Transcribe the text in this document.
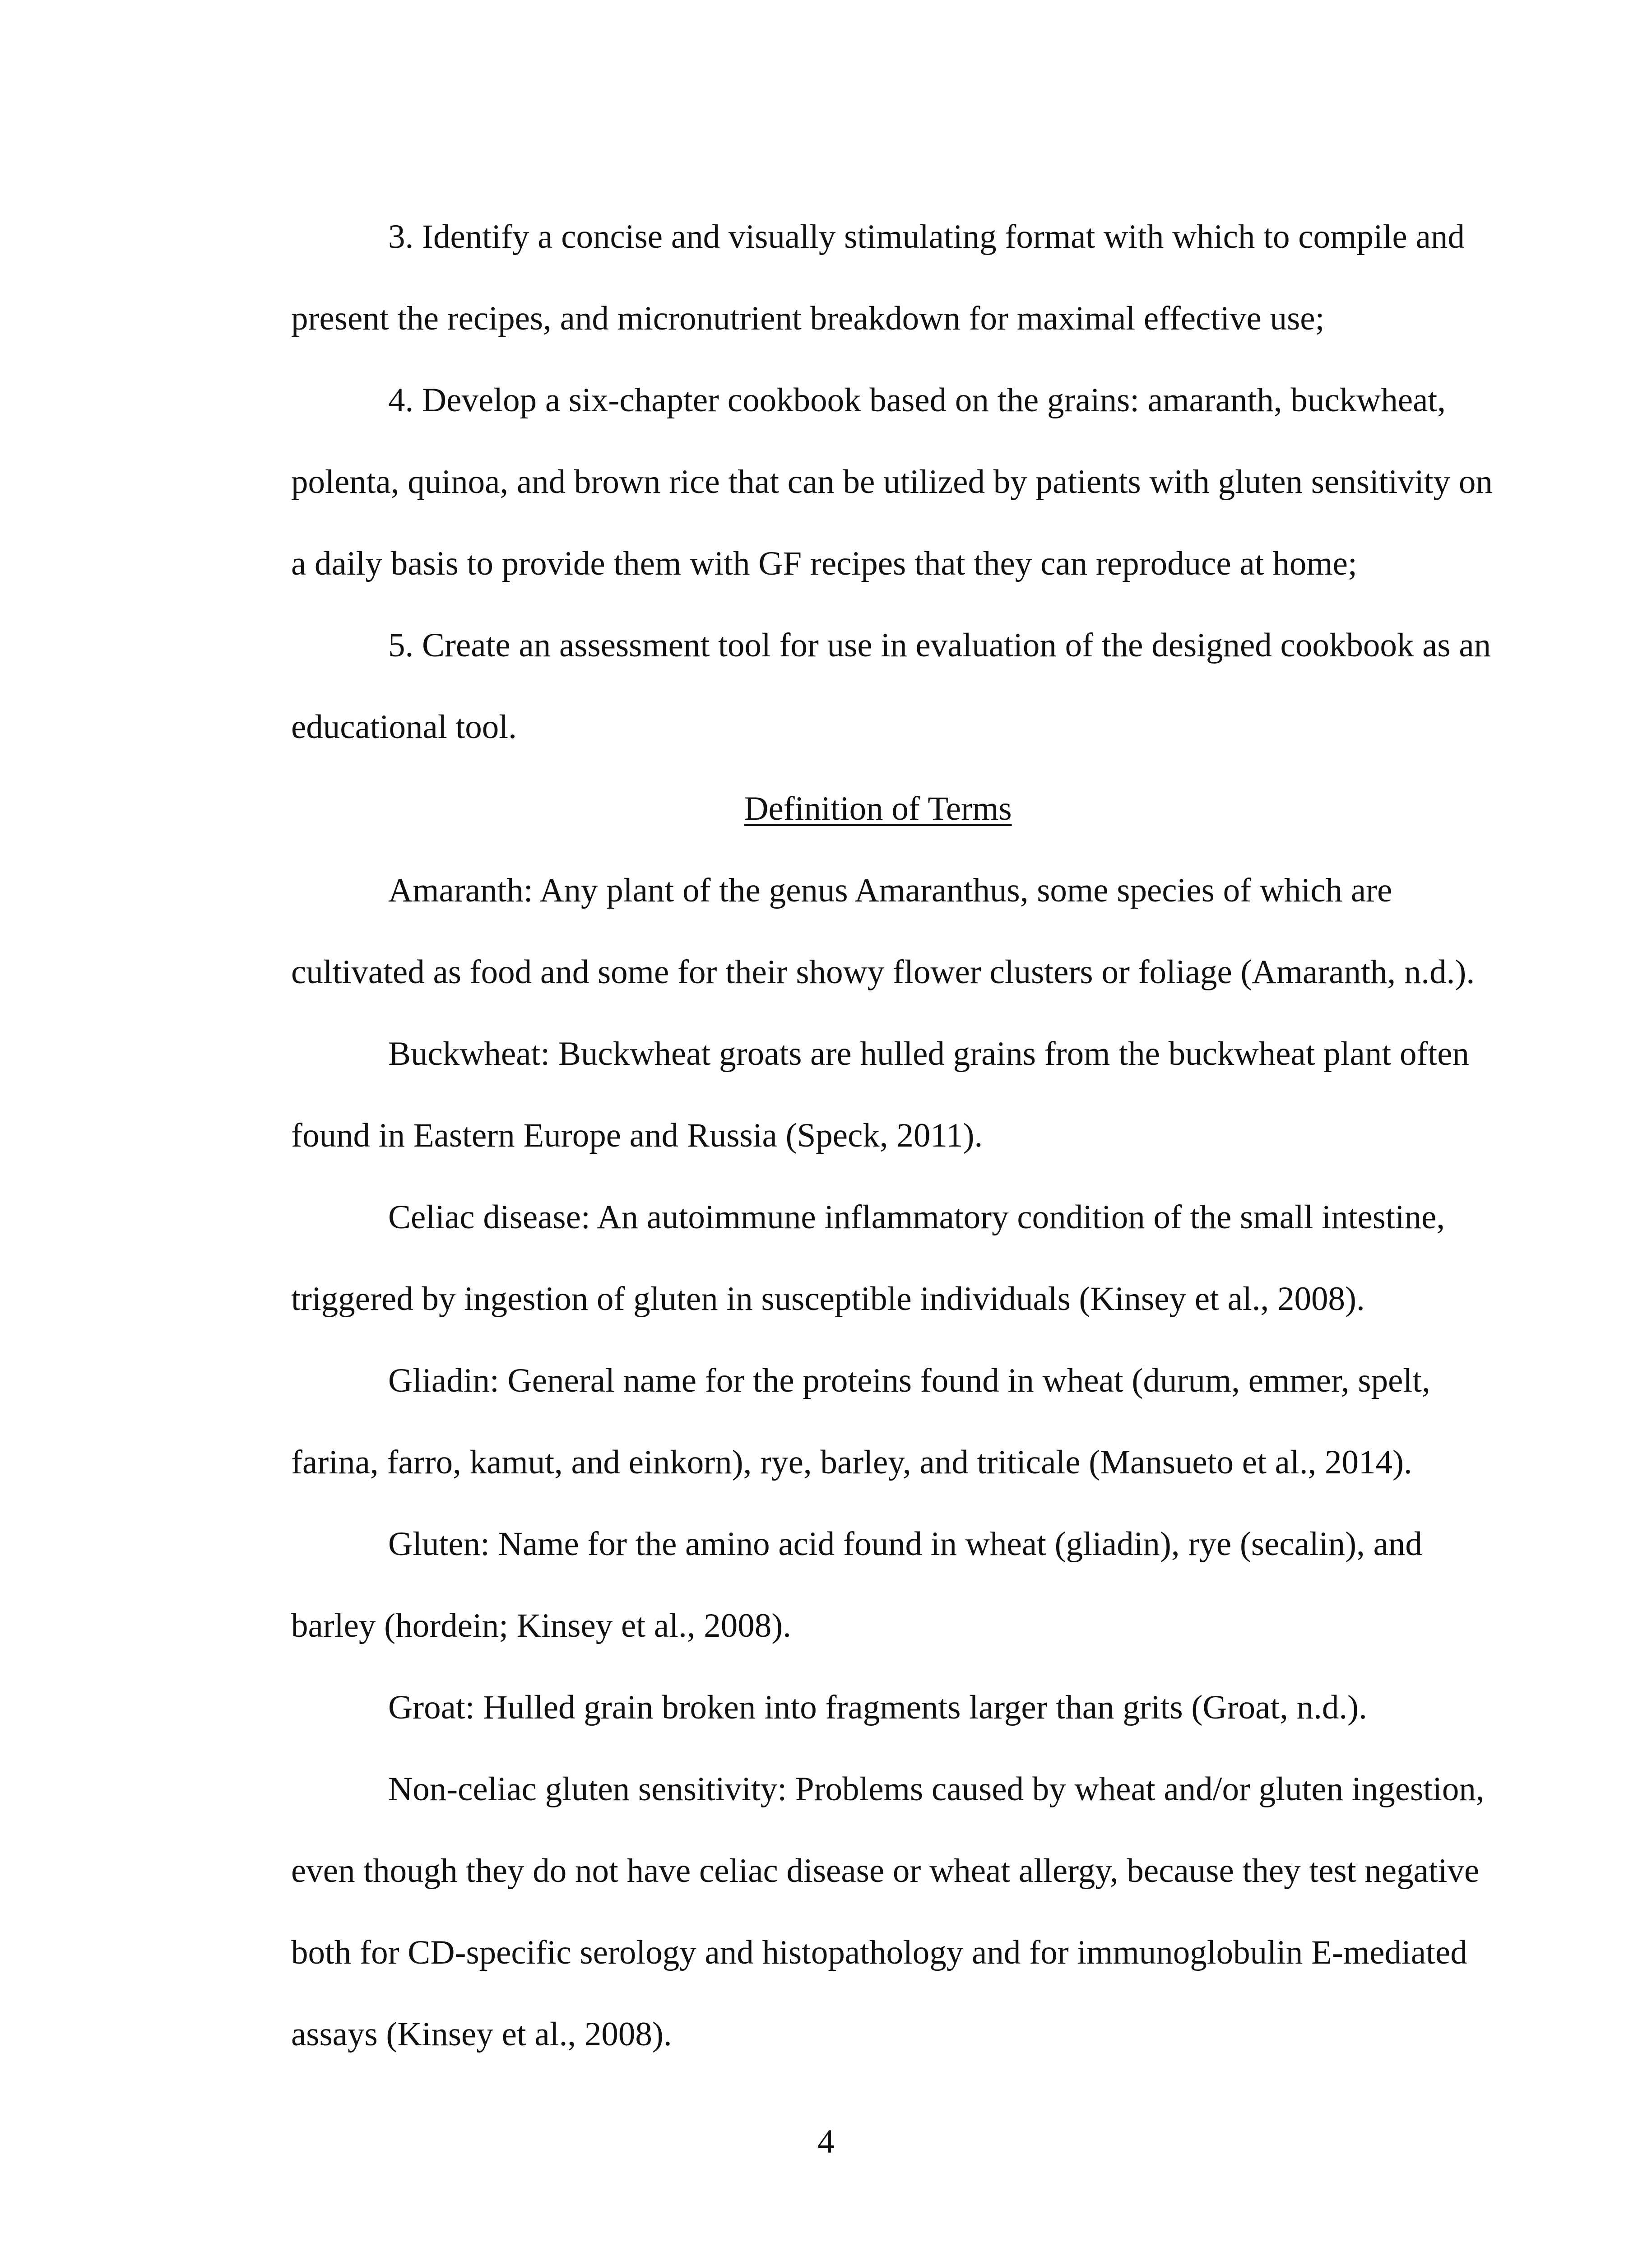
3. Identify a concise and visually stimulating format with which to compile and
present the recipes, and micronutrient breakdown for maximal effective use;
4. Develop a six-chapter cookbook based on the grains: amaranth, buckwheat,
polenta, quinoa, and brown rice that can be utilized by patients with gluten sensitivity on
a daily basis to provide them with GF recipes that they can reproduce at home;
5. Create an assessment tool for use in evaluation of the designed cookbook as an
educational tool.
Definition of Terms
Amaranth: Any plant of the genus Amaranthus, some species of which are
cultivated as food and some for their showy flower clusters or foliage (Amaranth, n.d.).
Buckwheat: Buckwheat groats are hulled grains from the buckwheat plant often
found in Eastern Europe and Russia (Speck, 2011).
Celiac disease: An autoimmune inflammatory condition of the small intestine,
triggered by ingestion of gluten in susceptible individuals (Kinsey et al., 2008).
Gliadin: General name for the proteins found in wheat (durum, emmer, spelt,
farina, farro, kamut, and einkorn), rye, barley, and triticale (Mansueto et al., 2014).
Gluten: Name for the amino acid found in wheat (gliadin), rye (secalin), and
barley (hordein; Kinsey et al., 2008).
Groat: Hulled grain broken into fragments larger than grits (Groat, n.d.).
Non-celiac gluten sensitivity: Problems caused by wheat and/or gluten ingestion,
even though they do not have celiac disease or wheat allergy, because they test negative
both for CD-specific serology and histopathology and for immunoglobulin E-mediated
assays (Kinsey et al., 2008).
4
